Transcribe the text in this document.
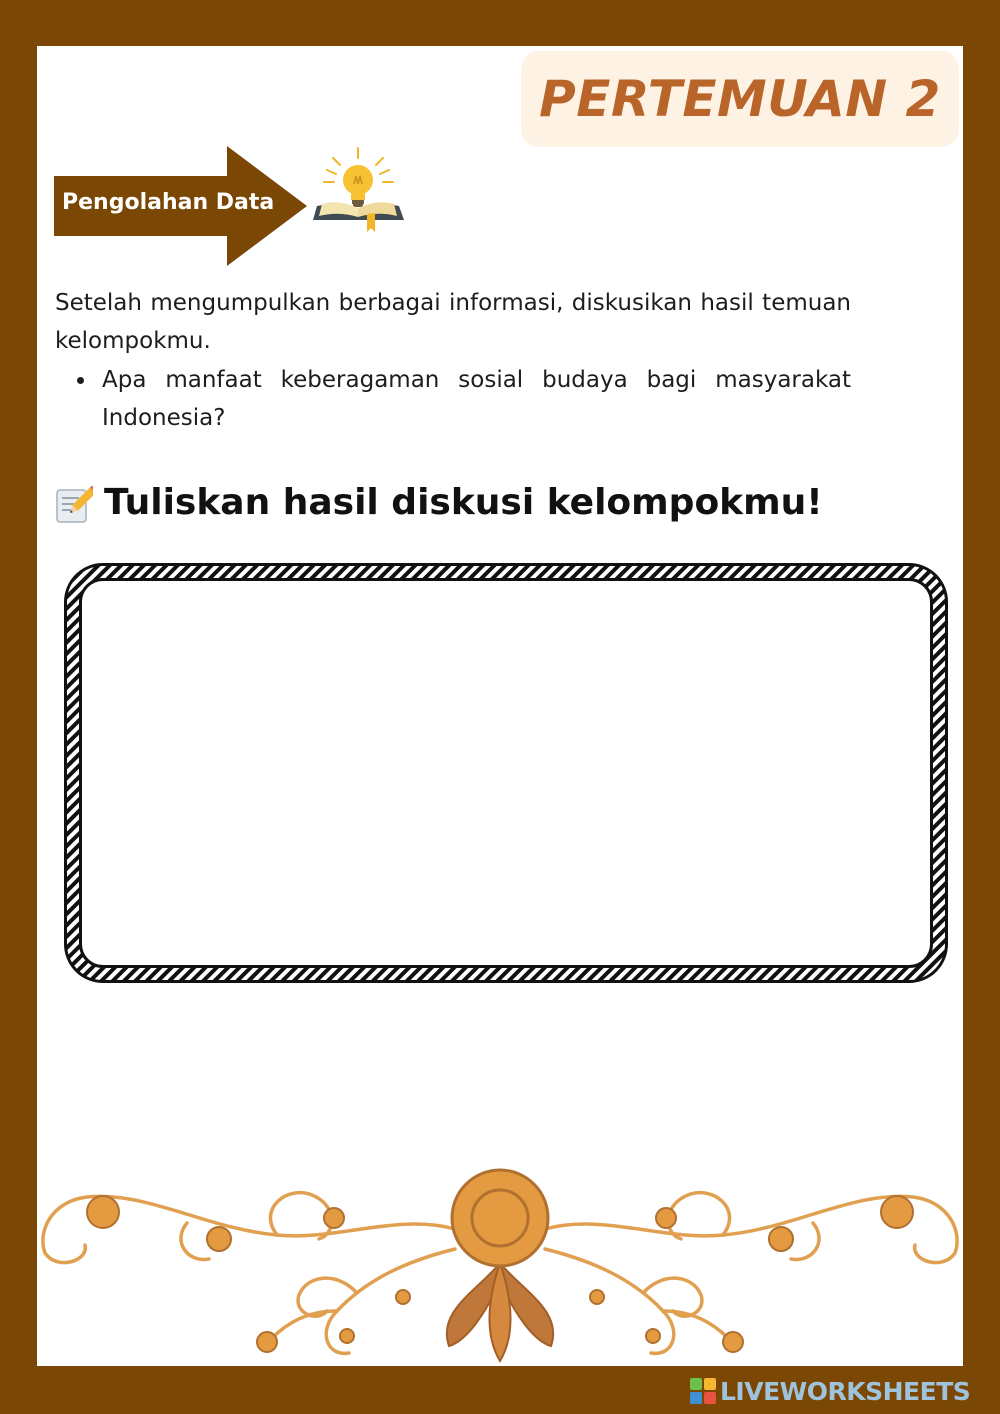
PERTEMUAN 2
Pengolahan Data

Setelah mengumpulkan berbagai informasi, diskusikan hasil temuan kelompokmu.

Apa manfaat keberagaman sosial budaya bagi masyarakat Indonesia?
Tuliskan hasil diskusi kelompokmu!
LIVEWORKSHEETS
